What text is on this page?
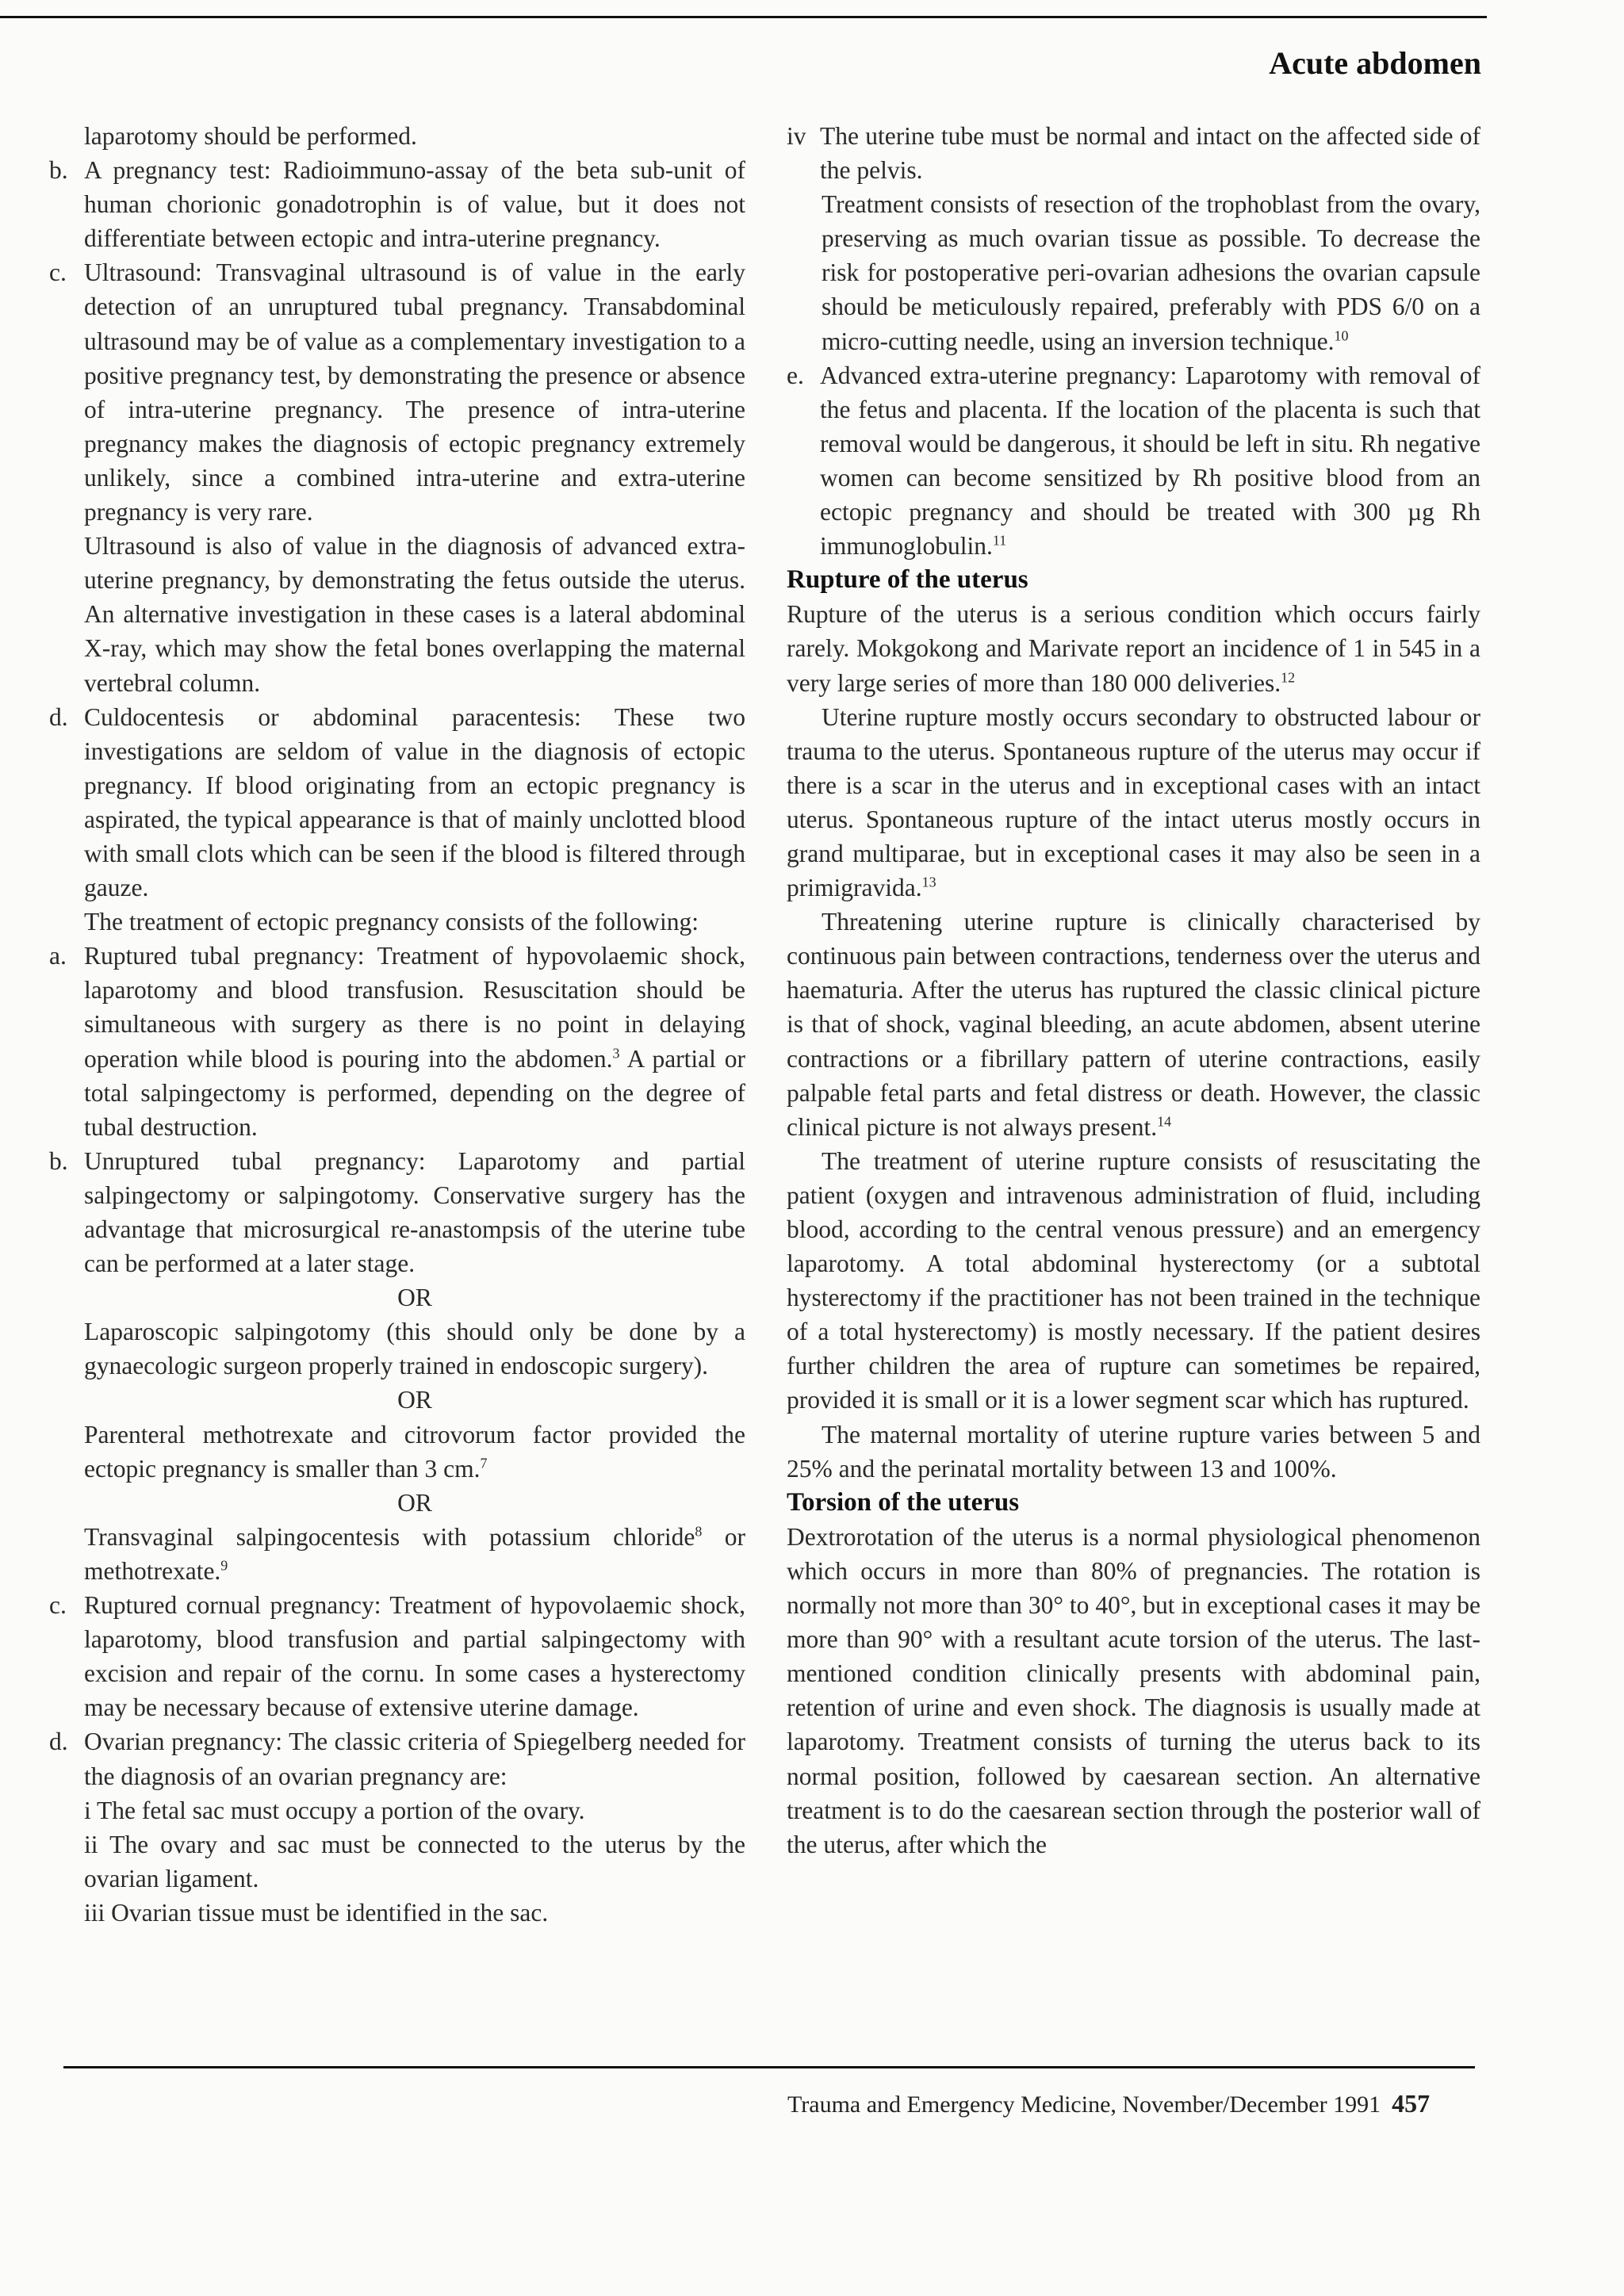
Acute abdomen

laparotomy should be performed.

b. A pregnancy test: Radioimmuno-assay of the beta sub-unit of human chorionic gonadotrophin is of value, but it does not differentiate between ectopic and intra-uterine pregnancy.
c. Ultrasound: Transvaginal ultrasound is of value in the early detection of an unruptured tubal pregnancy. Transabdominal ultrasound may be of value as a complementary investigation to a positive pregnancy test, by demonstrating the presence or absence of intra-uterine pregnancy. The presence of intra-uterine pregnancy makes the diagnosis of ectopic pregnancy extremely unlikely, since a combined intra-uterine and extra-uterine pregnancy is very rare.
Ultrasound is also of value in the diagnosis of advanced extra-uterine pregnancy, by demonstrating the fetus outside the uterus. An alternative investigation in these cases is a lateral abdominal X-ray, which may show the fetal bones overlapping the maternal vertebral column.
d. Culdocentesis or abdominal paracentesis: These two investigations are seldom of value in the diagnosis of ectopic pregnancy. If blood originating from an ectopic pregnancy is aspirated, the typical appearance is that of mainly unclotted blood with small clots which can be seen if the blood is filtered through gauze.

The treatment of ectopic pregnancy consists of the following:

a. Ruptured tubal pregnancy: Treatment of hypovolaemic shock, laparotomy and blood transfusion. Resuscitation should be simultaneous with surgery as there is no point in delaying operation while blood is pouring into the abdomen.$^3$ A partial or total salpingectomy is performed, depending on the degree of tubal destruction.
b. Unruptured tubal pregnancy: Laparotomy and partial salpingectomy or salpingotomy. Conservative surgery has the advantage that microsurgical re-anastompsis of the uterine tube can be performed at a later stage.

OR

Laparoscopic salpingotomy (this should only be done by a gynaecologic surgeon properly trained in endoscopic surgery).

OR

Parenteral methotrexate and citrovorum factor provided the ectopic pregnancy is smaller than 3 cm.$^7$

OR

Transvaginal salpingocentesis with potassium chloride$^8$ or methotrexate.$^9$

c. Ruptured cornual pregnancy: Treatment of hypovolaemic shock, laparotomy, blood transfusion and partial salpingectomy with excision and repair of the cornu. In some cases a hysterectomy may be necessary because of extensive uterine damage.
d. Ovarian pregnancy: The classic criteria of Spiegelberg needed for the diagnosis of an ovarian pregnancy are:

i The fetal sac must occupy a portion of the ovary.

ii The ovary and sac must be connected to the uterus by the ovarian ligament.

iii Ovarian tissue must be identified in the sac.

iv The uterine tube must be normal and intact on the affected side of the pelvis.

Treatment consists of resection of the trophoblast from the ovary, preserving as much ovarian tissue as possible. To decrease the risk for postoperative peri-ovarian adhesions the ovarian capsule should be meticulously repaired, preferably with PDS 6/0 on a micro-cutting needle, using an inversion technique.$^{10}$

e. Advanced extra-uterine pregnancy: Laparotomy with removal of the fetus and placenta. If the location of the placenta is such that removal would be dangerous, it should be left in situ. Rh negative women can become sensitized by Rh positive blood from an ectopic pregnancy and should be treated with 300 µg Rh immunoglobulin.$^{11}$

Rupture of the uterus

Rupture of the uterus is a serious condition which occurs fairly rarely. Mokgokong and Marivate report an incidence of 1 in 545 in a very large series of more than 180 000 deliveries.$^{12}$

Uterine rupture mostly occurs secondary to obstructed labour or trauma to the uterus. Spontaneous rupture of the uterus may occur if there is a scar in the uterus and in exceptional cases with an intact uterus. Spontaneous rupture of the intact uterus mostly occurs in grand multiparae, but in exceptional cases it may also be seen in a primigravida.$^{13}$

Threatening uterine rupture is clinically characterised by continuous pain between contractions, tenderness over the uterus and haematuria. After the uterus has ruptured the classic clinical picture is that of shock, vaginal bleeding, an acute abdomen, absent uterine contractions or a fibrillary pattern of uterine contractions, easily palpable fetal parts and fetal distress or death. However, the classic clinical picture is not always present.$^{14}$

The treatment of uterine rupture consists of resuscitating the patient (oxygen and intravenous administration of fluid, including blood, according to the central venous pressure) and an emergency laparotomy. A total abdominal hysterectomy (or a subtotal hysterectomy if the practitioner has not been trained in the technique of a total hysterectomy) is mostly necessary. If the patient desires further children the area of rupture can sometimes be repaired, provided it is small or it is a lower segment scar which has ruptured.

The maternal mortality of uterine rupture varies between 5 and 25% and the perinatal mortality between 13 and 100%.

Torsion of the uterus

Dextrorotation of the uterus is a normal physiological phenomenon which occurs in more than 80% of pregnancies. The rotation is normally not more than 30° to 40°, but in exceptional cases it may be more than 90° with a resultant acute torsion of the uterus. The last-mentioned condition clinically presents with abdominal pain, retention of urine and even shock. The diagnosis is usually made at laparotomy. Treatment consists of turning the uterus back to its normal position, followed by caesarean section. An alternative treatment is to do the caesarean section through the posterior wall of the uterus, after which the

Trauma and Emergency Medicine, November/December 1991 457
